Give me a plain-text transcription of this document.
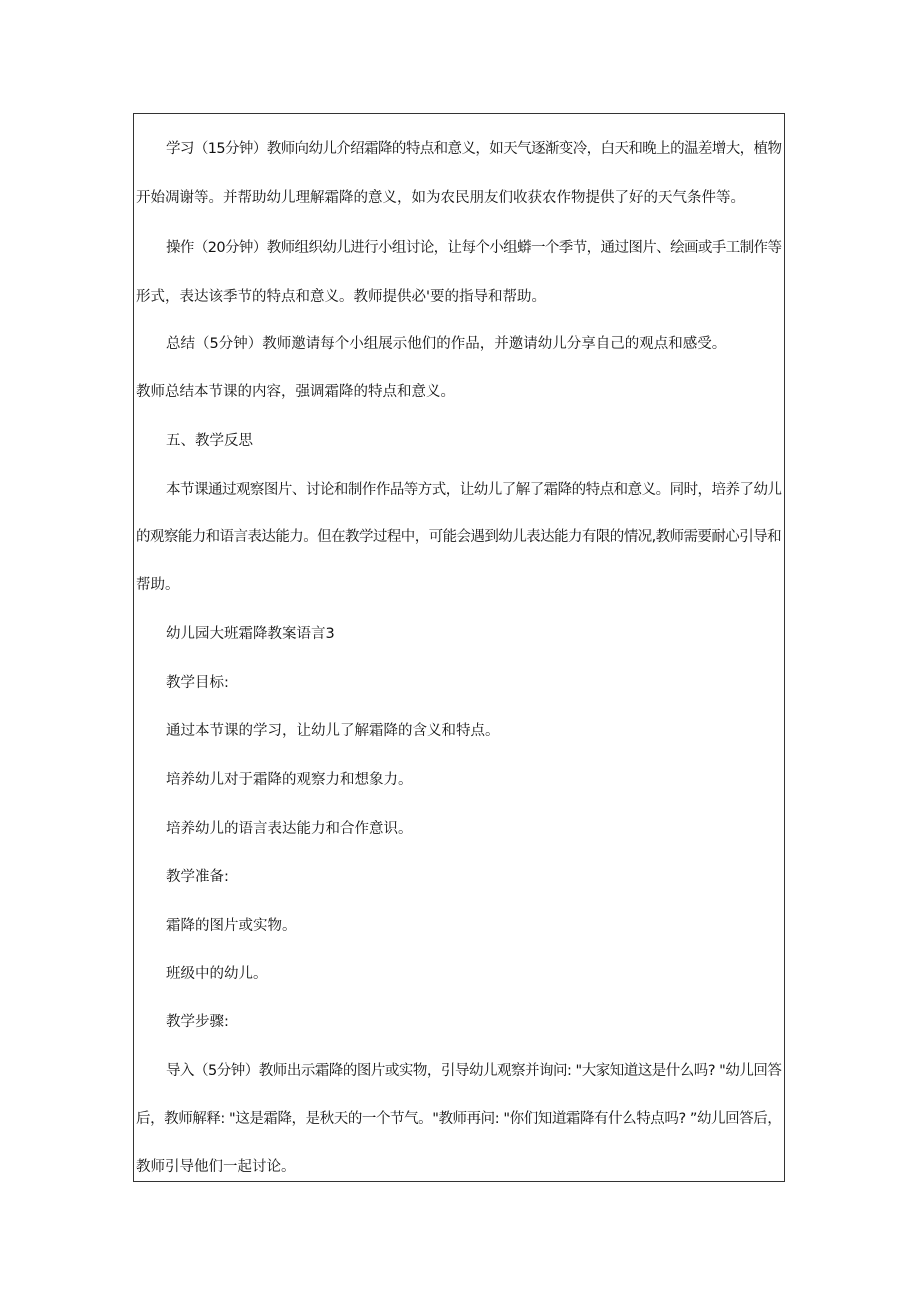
学习（15分钟）教师向幼儿介绍霜降的特点和意义，如天气逐渐变冷，白天和晚上的温差增大，植物
开始凋谢等。并帮助幼儿理解霜降的意义，如为农民朋友们收获农作物提供了好的天气条件等。
操作（20分钟）教师组织幼儿进行小组讨论，让每个小组蟒一个季节，通过图片、绘画或手工制作等
形式，表达该季节的特点和意义。教师提供必'要的指导和帮助。
总结（5分钟）教师邀请每个小组展示他们的作品，并邀请幼儿分享自己的观点和感受。
教师总结本节课的内容，强调霜降的特点和意义。
五、教学反思
本节课通过观察图片、讨论和制作作品等方式，让幼儿了解了霜降的特点和意义。同时，培养了幼儿
的观察能力和语言表达能力。但在教学过程中，可能会遇到幼儿表达能力有限的情况,教师需要耐心引导和
帮助。
幼儿园大班霜降教案语言3
教学目标:
通过本节课的学习，让幼儿了解霜降的含义和特点。
培养幼儿对于霜降的观察力和想象力。
培养幼儿的语言表达能力和合作意识。
教学准备:
霜降的图片或实物。
班级中的幼儿。
教学步骤:
导入（5分钟）教师出示霜降的图片或实物，引导幼儿观察并询问: "大家知道这是什么吗? "幼儿回答
后，教师解释: "这是霜降，是秋天的一个节气。"教师再问: "你们知道霜降有什么特点吗? ”幼儿回答后，
教师引导他们一起讨论。
